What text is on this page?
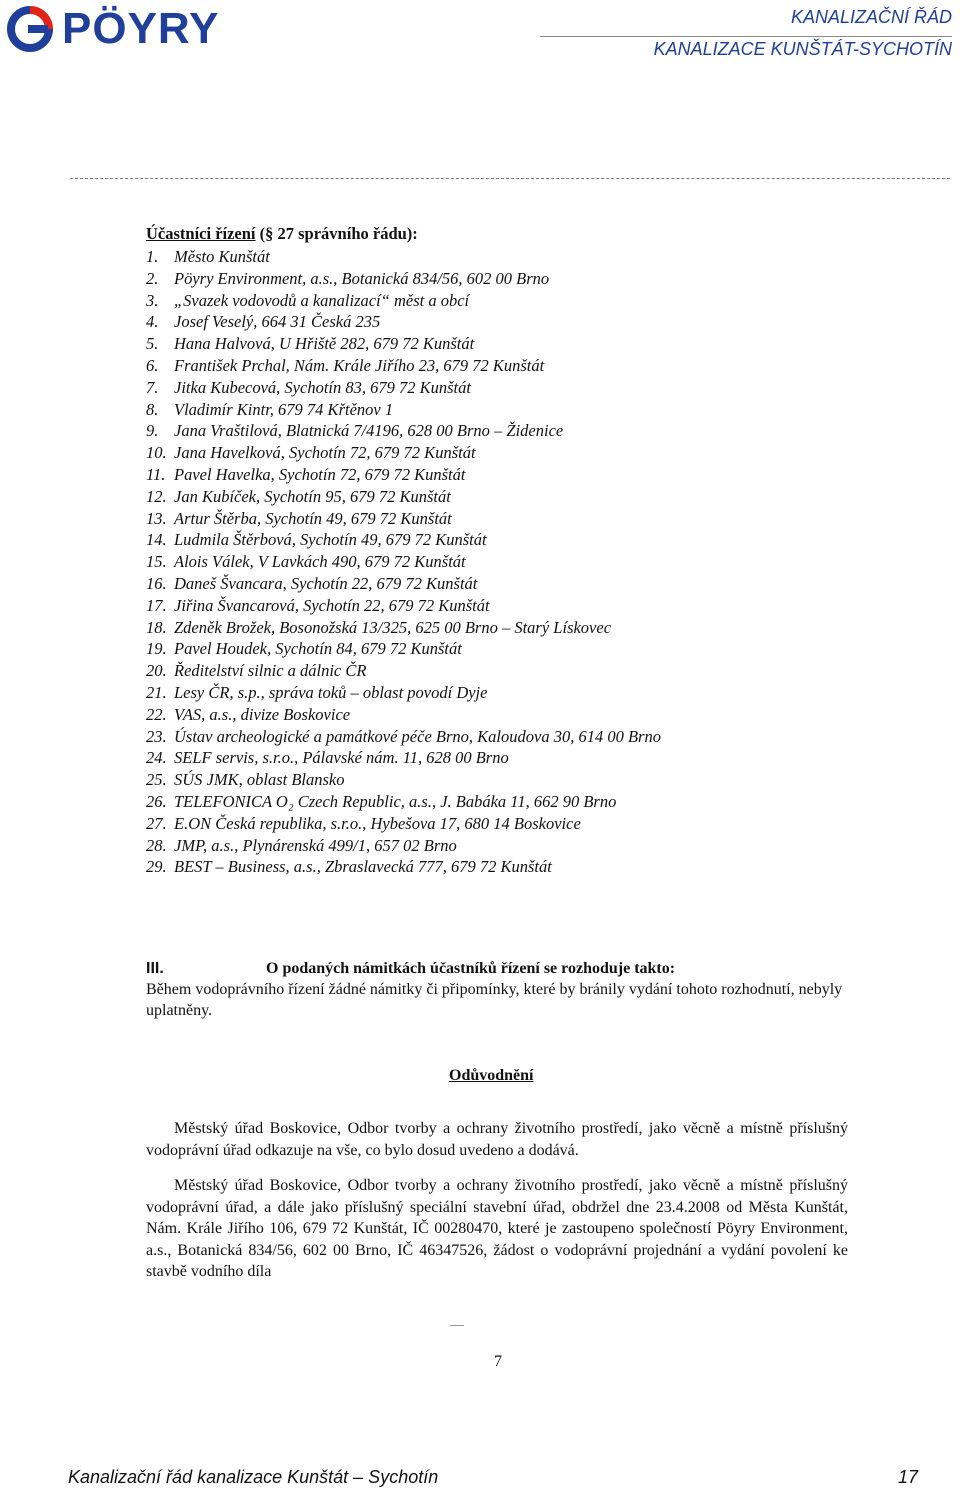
PÖYRY	KANALIZAČNÍ ŘÁD
KANALIZACE KUNŠTÁT-SYCHOTÍN
Účastníci řízení (§ 27 správního řádu):
1. Město Kunštát
2. Pöyry Environment, a.s., Botanická 834/56, 602 00 Brno
3. „Svazek vodovodů a kanalizací“ měst a obcí
4. Josef Veselý, 664 31 Česká 235
5. Hana Halvová, U Hřiště 282, 679 72 Kunštát
6. František Prchal, Nám. Krále Jiřího 23, 679 72 Kunštát
7. Jitka Kubecová, Sychotín 83, 679 72 Kunštát
8. Vladimír Kintr, 679 74 Křtěnov 1
9. Jana Vraštilová, Blatnická 7/4196, 628 00 Brno – Židenice
10. Jana Havelková, Sychotín 72, 679 72 Kunštát
11. Pavel Havelka, Sychotín 72, 679 72 Kunštát
12. Jan Kubíček, Sychotín 95, 679 72 Kunštát
13. Artur Štěrba, Sychotín 49, 679 72 Kunštát
14. Ludmila Štěrbová, Sychotín 49, 679 72 Kunštát
15. Alois Válek, V Lavkách 490, 679 72 Kunštát
16. Daneš Švancara, Sychotín 22, 679 72 Kunštát
17. Jiřina Švancarová, Sychotín 22, 679 72 Kunštát
18. Zdeněk Brožek, Bosonožská 13/325, 625 00 Brno – Starý Lískovec
19. Pavel Houdek, Sychotín 84, 679 72 Kunštát
20. Ředitelství silnic a dálnic ČR
21. Lesy ČR, s.p., správa toků – oblast povodí Dyje
22. VAS, a.s., divize Boskovice
23. Ústav archeologické a památkové péče Brno, Kaloudova 30, 614 00 Brno
24. SELF servis, s.r.o., Pálavské nám. 11, 628 00 Brno
25. SÚS JMK, oblast Blansko
26. TELEFONICA O₂ Czech Republic, a.s., J. Babáka 11, 662 90 Brno
27. E.ON Česká republika, s.r.o., Hybešova 17, 680 14 Boskovice
28. JMP, a.s., Plynárenská 499/1, 657 02 Brno
29. BEST – Business, a.s., Zbraslavecká 777, 679 72 Kunštát
III.	O podaných námitkách účastníků řízení se rozhoduje takto:
Během vodoprávního řízení žádné námitky či připomínky, které by bránily vydání tohoto rozhodnutí, nebyly uplatněny.
Odůvodnění

Městský úřad Boskovice, Odbor tvorby a ochrany životního prostředí, jako věcně a místně příslušný vodoprávní úřad odkazuje na vše, co bylo dosud uvedeno a dodává.

Městský úřad Boskovice, Odbor tvorby a ochrany životního prostředí, jako věcně a místně příslušný vodoprávní úřad, a dále jako příslušný speciální stavební úřad, obdržel dne 23.4.2008 od Města Kunštát, Nám. Krále Jiřího 106, 679 72 Kunštát, IČ 00280470, které je zastoupeno společností Pöyry Environment, a.s., Botanická 834/56, 602 00 Brno, IČ 46347526, žádost o vodoprávní projednání a vydání povolení ke stavbě vodního díla

7
Kanalizační řád kanalizace Kunštát – Sychotín	17
